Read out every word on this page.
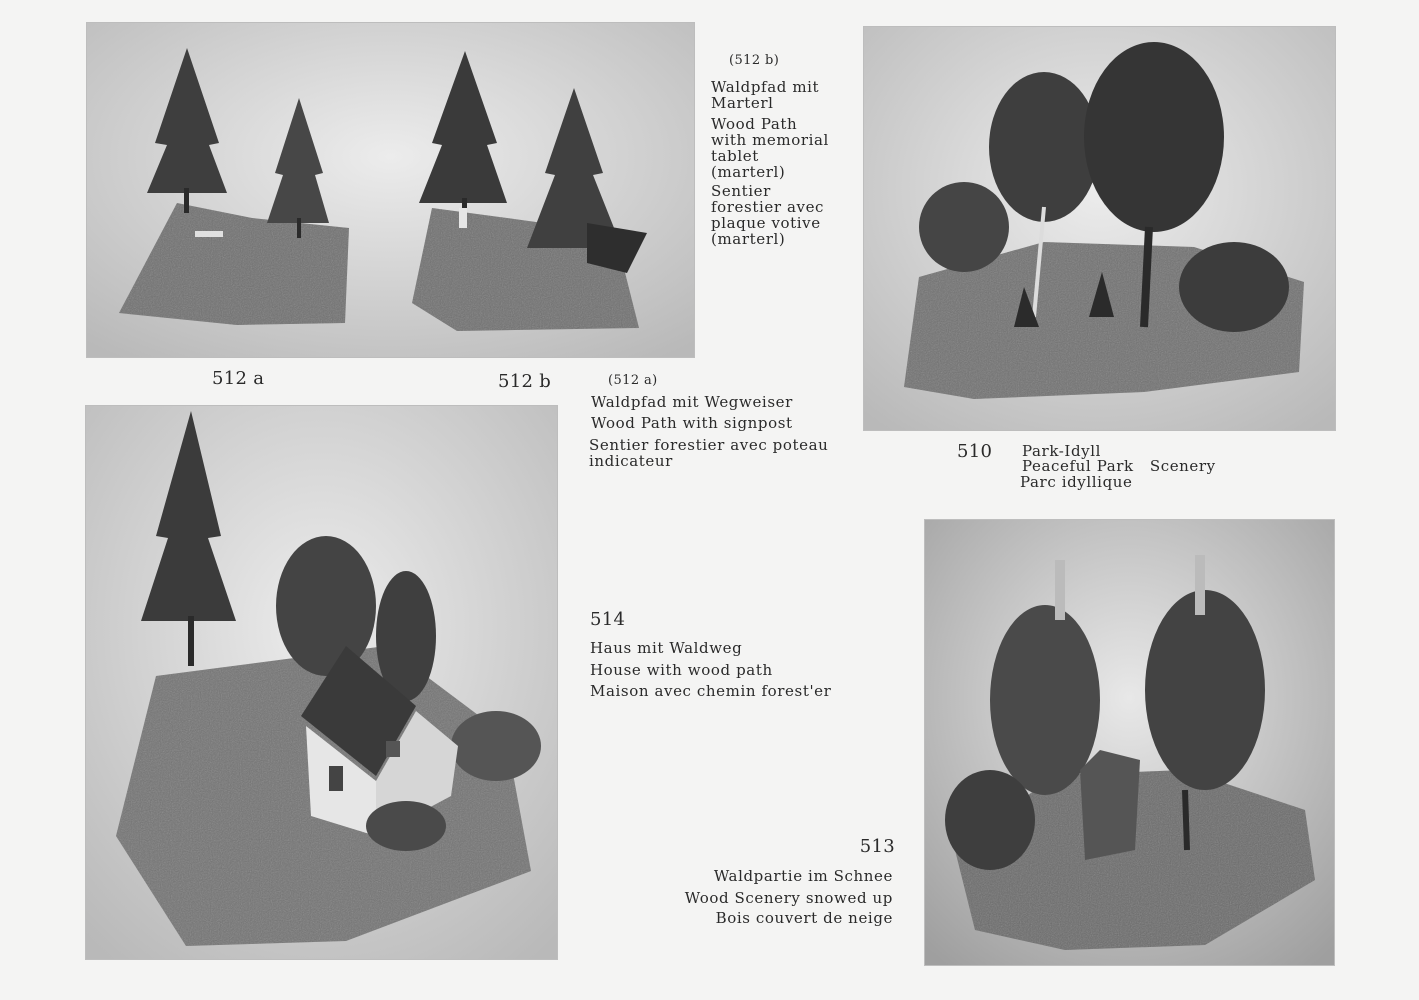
512 a	512 b
(512 b)
Waldpfad mit
Marterl
Wood Path
with memorial
tablet
(marterl)
Sentier
forestier avec
plaque votive
(marterl)
(512 a)
Waldpfad mit Wegweiser
Wood Path with signpost
Sentier forestier avec poteau
indicateur	510 Park-Idyll
Peaceful Park   Scenery
Parc idyllique
514
Haus mit Waldweg
House with wood path
Maison avec chemin forest'er
513
Waldpartie im Schnee
Wood Scenery snowed up
Bois couvert de neige
